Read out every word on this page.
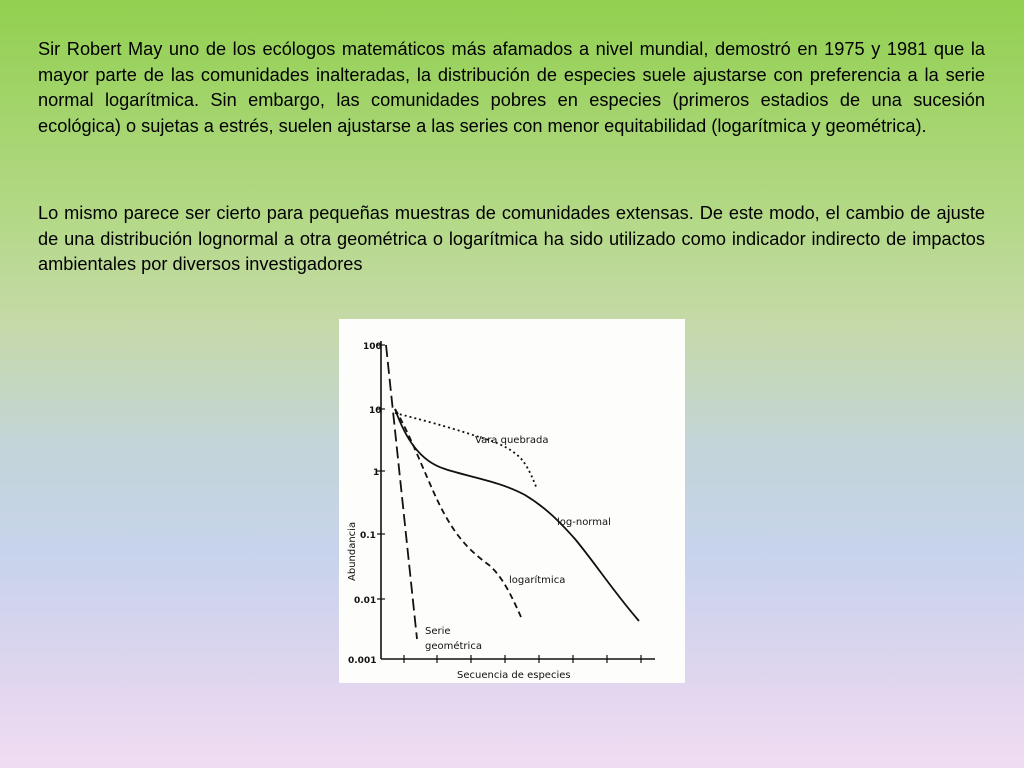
Sir Robert May uno de los ecólogos matemáticos más afamados a nivel mundial, demostró en 1975 y 1981 que la mayor parte de las comunidades inalteradas, la distribución de especies suele ajustarse con preferencia a la serie normal logarítmica. Sin embargo, las comunidades pobres en especies (primeros estadios de una sucesión ecológica) o sujetas a estrés, suelen ajustarse a las series con menor equitabilidad (logarítmica y geométrica).

Lo mismo parece ser cierto para pequeñas muestras de comunidades extensas. De este modo, el cambio de ajuste de una distribución lognormal a otra geométrica o logarítmica ha sido utilizado como indicador indirecto de impactos ambientales por diversos investigadores

100
10
1
0.1
0.01
0.001
Abundancia
Secuencia de especies
Vara quebrada
log-normal
logarítmica
Serie
geométrica
